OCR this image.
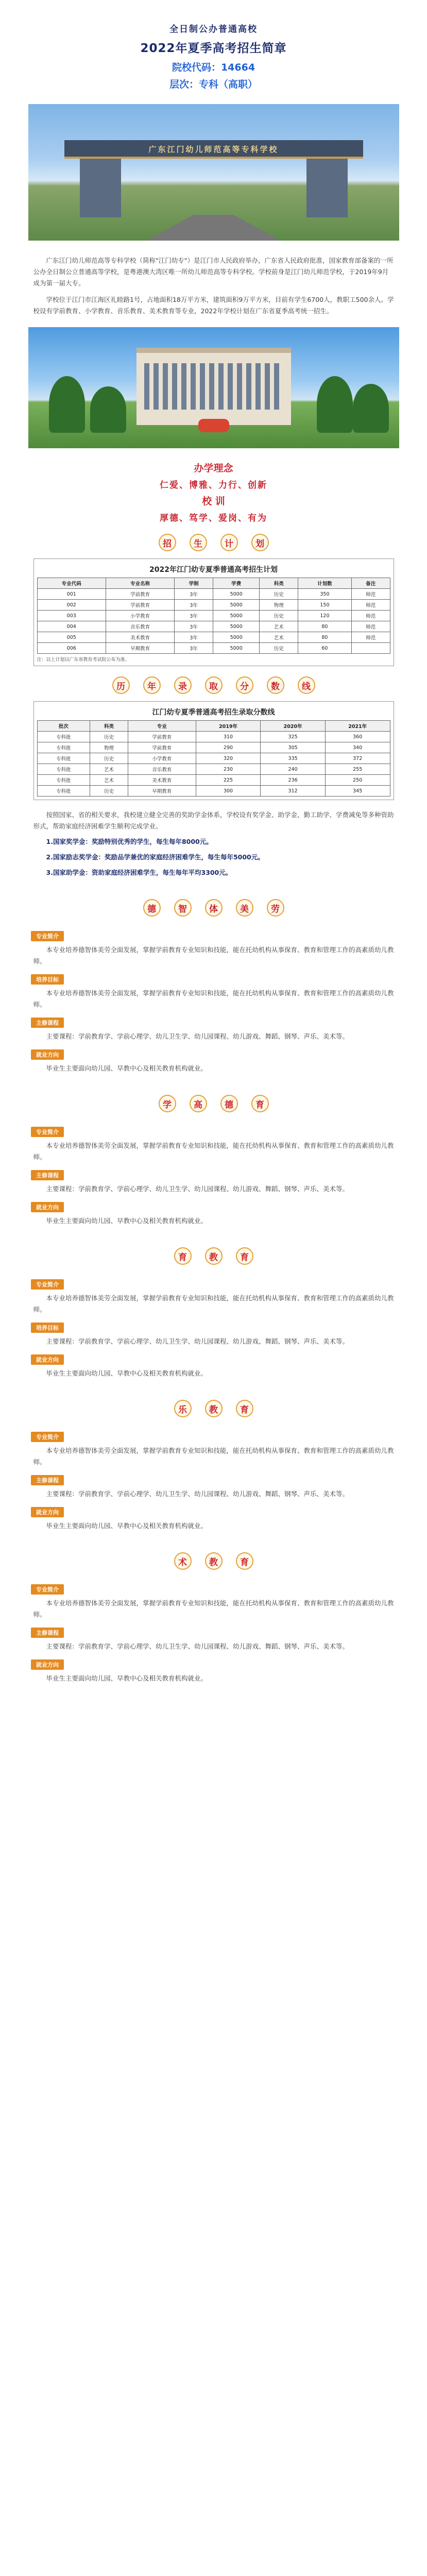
全日制公办普通高校
2022年夏季高考招生简章
院校代码：14664
层次：专科（高职）
广东江门幼儿师范高等专科学校

广东江门幼儿师范高等专科学校（简称"江门幼专"）是江门市人民政府举办，广东省人民政府批准，国家教育部备案的一所公办全日制公立普通高等学校，是粤港澳大湾区唯一所幼儿师范高等专科学校。学校前身是江门幼儿师范学校，于2019年9月成为第一届大专。

学校位于江门市江海区礼睦路1号，占地面积18万平方米，建筑面积9万平方米，目前有学生6700人，教职工500余人。学校设有学前教育、小学教育、音乐教育、美术教育等专业，2022年学校计划在广东省夏季高考统一招生。

办学理念
仁爱、博雅、力行、创新
校 训
厚德、笃学、爱岗、有为
招	生	计	划
2022年江门幼专夏季普通高考招生计划
专业代码	专业名称	学制	学费	科类	计划数	备注
001	学前教育	3年	5000	历史	350	师范
002	学前教育	3年	5000	物理	150	师范
003	小学教育	3年	5000	历史	120	师范
004	音乐教育	3年	5000	艺术	80	师范
005	美术教育	3年	5000	艺术	80	师范
006	早期教育	3年	5000	历史	60	
注：以上计划以广东省教育考试院公布为准。
历	年	录	取	分	数	线
江门幼专夏季普通高考招生录取分数线
批次	科类	专业	2019年	2020年	2021年
专科批	历史	学前教育	310	325	360
专科批	物理	学前教育	290	305	340
专科批	历史	小学教育	320	335	372
专科批	艺术	音乐教育	230	240	255
专科批	艺术	美术教育	225	236	250
专科批	历史	早期教育	300	312	345

按照国家、省的相关要求，我校建立健全完善的奖助学金体系，学校设有奖学金、助学金、勤工助学、学费减免等多种资助形式，帮助家庭经济困难学生顺利完成学业。

1.国家奖学金：奖励特别优秀的学生，每生每年8000元。

2.国家励志奖学金：奖励品学兼优的家庭经济困难学生，每生每年5000元。

3.国家助学金：资助家庭经济困难学生，每生每年平均3300元。

德	智	体	美	劳
专业简介
本专业培养德智体美劳全面发展，掌握学前教育专业知识和技能，能在托幼机构从事保育、教育和管理工作的高素质幼儿教师。
培养目标
本专业培养德智体美劳全面发展，掌握学前教育专业知识和技能，能在托幼机构从事保育、教育和管理工作的高素质幼儿教师。
主修课程
主要课程：学前教育学、学前心理学、幼儿卫生学、幼儿园课程、幼儿游戏、舞蹈、钢琴、声乐、美术等。
就业方向
毕业生主要面向幼儿园、早教中心及相关教育机构就业。
学	高	德	育
专业简介
本专业培养德智体美劳全面发展，掌握学前教育专业知识和技能，能在托幼机构从事保育、教育和管理工作的高素质幼儿教师。
主修课程
主要课程：学前教育学、学前心理学、幼儿卫生学、幼儿园课程、幼儿游戏、舞蹈、钢琴、声乐、美术等。
就业方向
毕业生主要面向幼儿园、早教中心及相关教育机构就业。
育	教	育
专业简介
本专业培养德智体美劳全面发展，掌握学前教育专业知识和技能，能在托幼机构从事保育、教育和管理工作的高素质幼儿教师。
培养目标
主要课程：学前教育学、学前心理学、幼儿卫生学、幼儿园课程、幼儿游戏、舞蹈、钢琴、声乐、美术等。
就业方向
毕业生主要面向幼儿园、早教中心及相关教育机构就业。
乐	教	育
专业简介
本专业培养德智体美劳全面发展，掌握学前教育专业知识和技能，能在托幼机构从事保育、教育和管理工作的高素质幼儿教师。
主修课程
主要课程：学前教育学、学前心理学、幼儿卫生学、幼儿园课程、幼儿游戏、舞蹈、钢琴、声乐、美术等。
就业方向
毕业生主要面向幼儿园、早教中心及相关教育机构就业。
术	教	育
专业简介
本专业培养德智体美劳全面发展，掌握学前教育专业知识和技能，能在托幼机构从事保育、教育和管理工作的高素质幼儿教师。
主修课程
主要课程：学前教育学、学前心理学、幼儿卫生学、幼儿园课程、幼儿游戏、舞蹈、钢琴、声乐、美术等。
就业方向
毕业生主要面向幼儿园、早教中心及相关教育机构就业。
